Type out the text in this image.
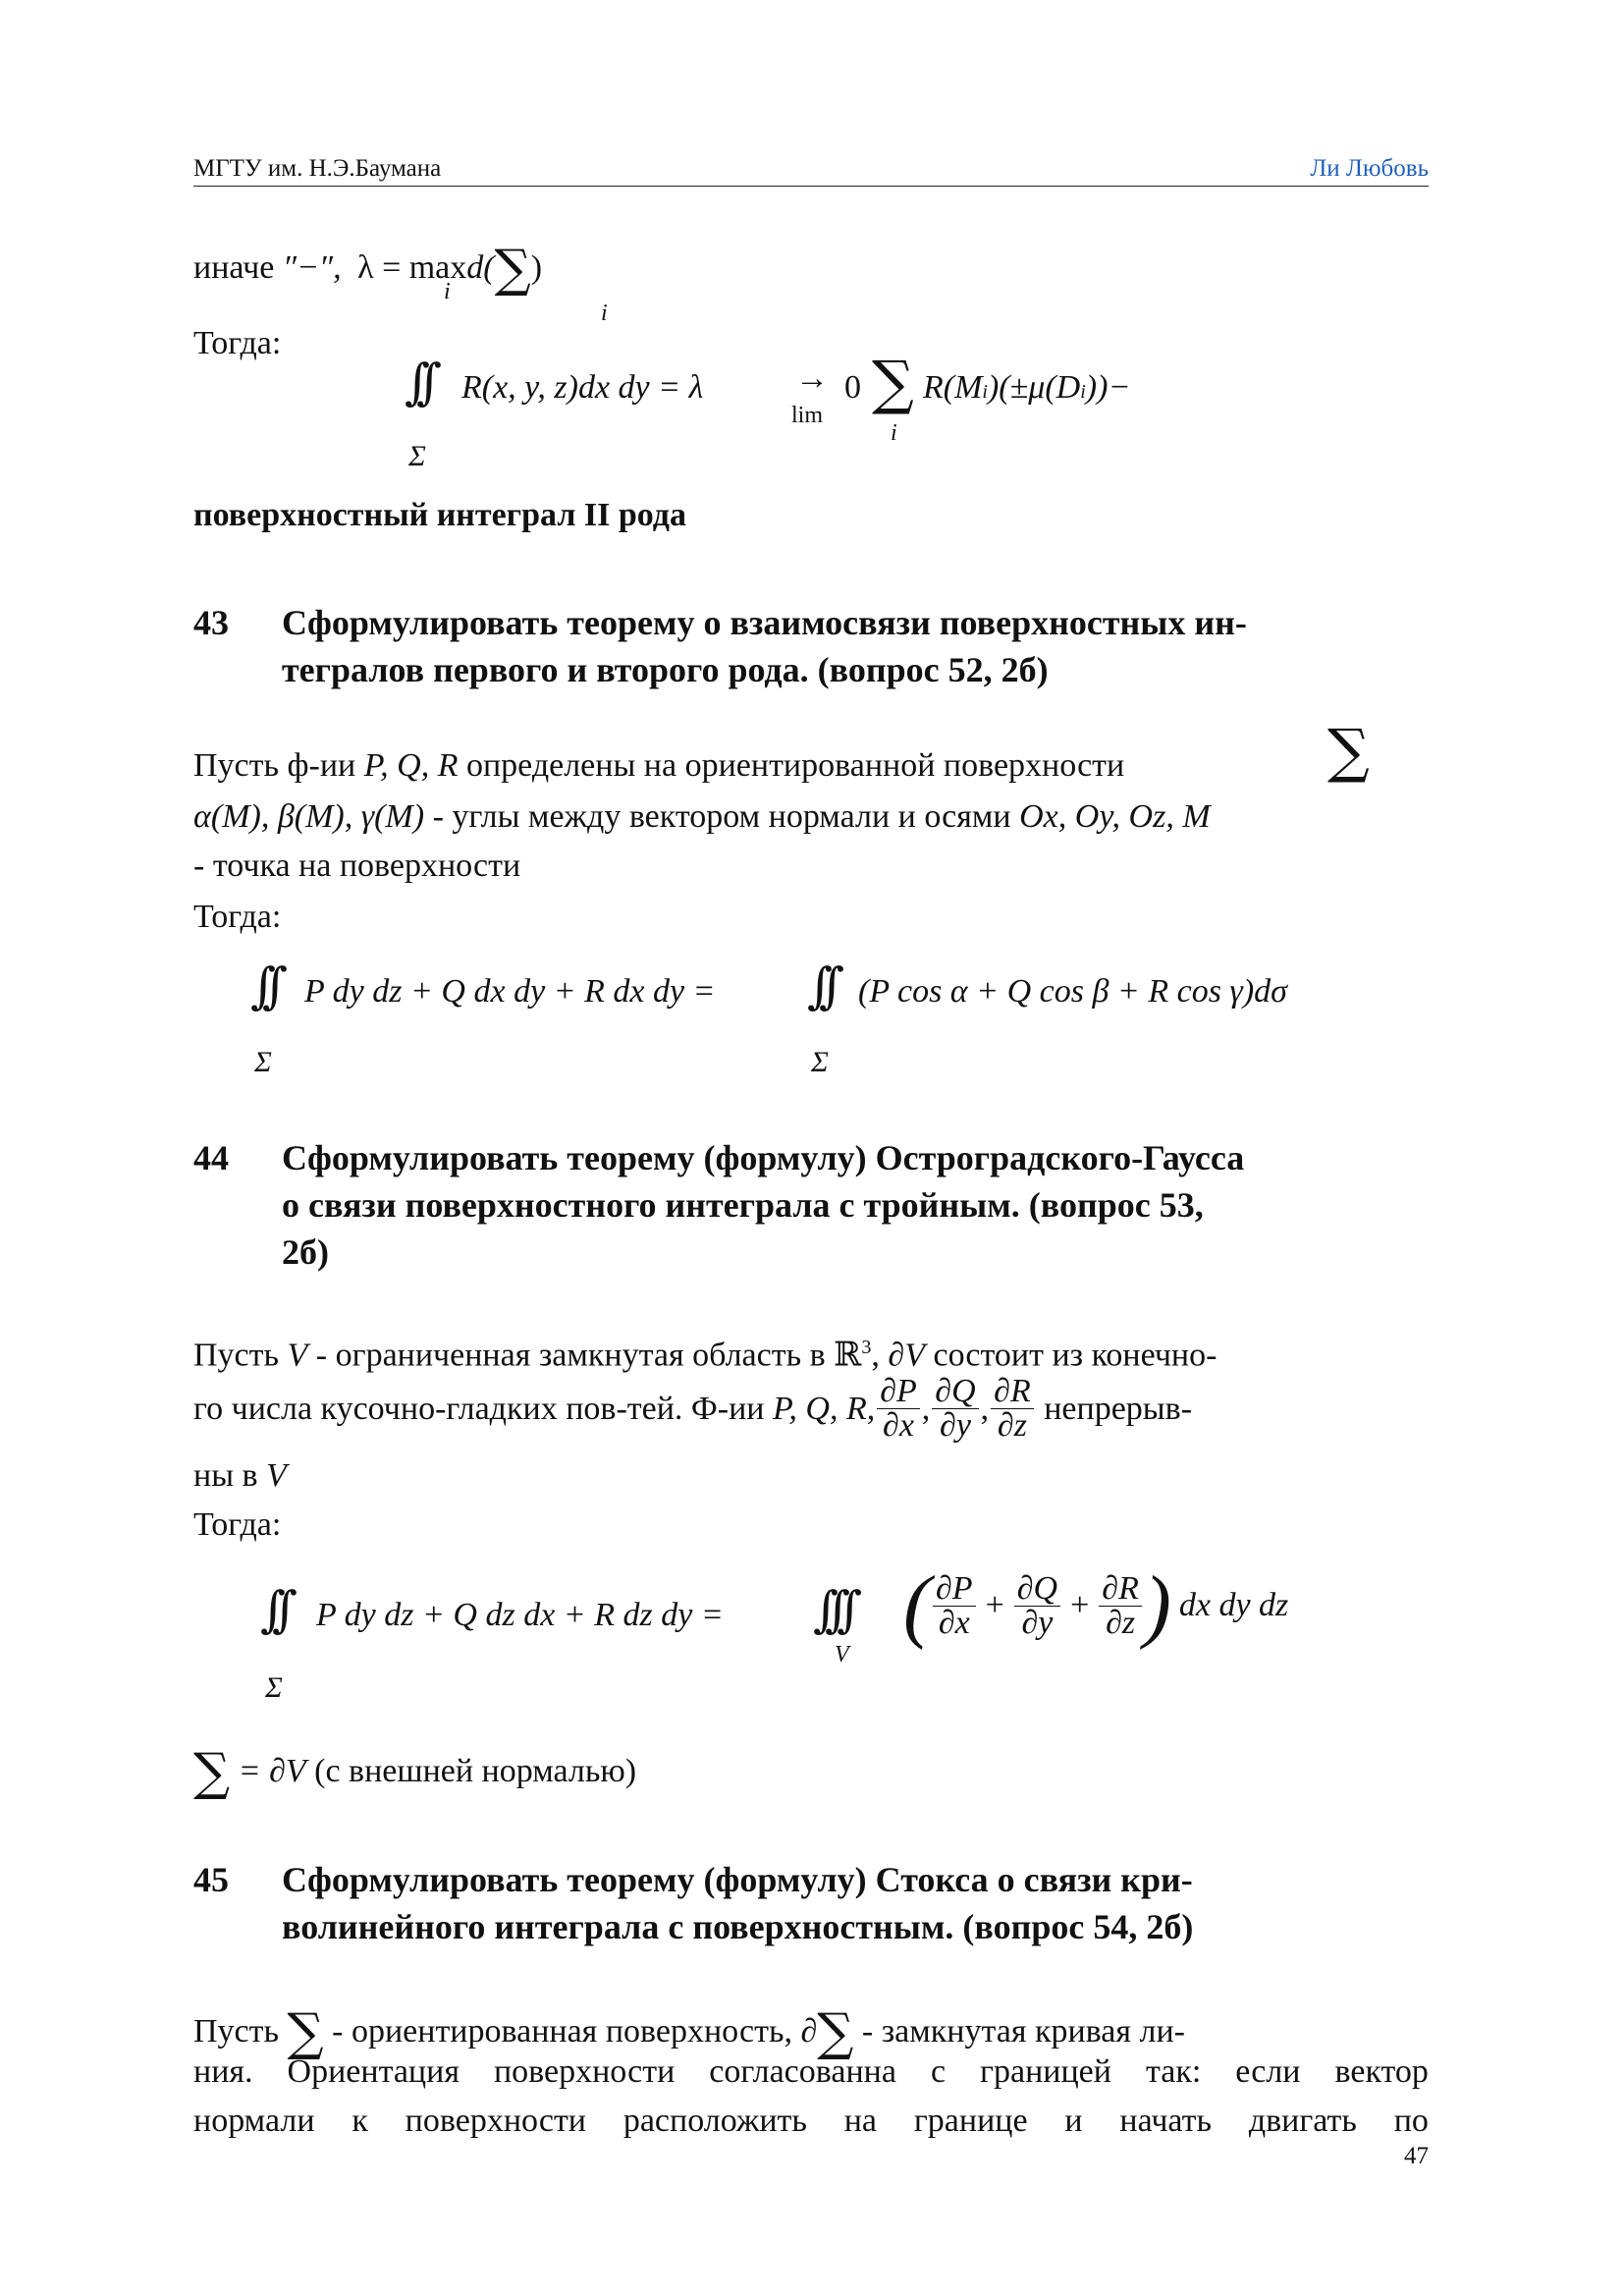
МГТУ им. Н.Э.Баумана	Ли Любовь
иначе ″−″, λ = maxd(∑)
i
i
Тогда:
∫∫ R(x, y, z)dx dy = λ	→
lim
0 ∑
i
R(Mi)(±μ(Di))−
Σ
поверхностный интеграл II рода
43 Сформулировать теорему о взаимосвязи поверхностных ин-
тегралов первого и второго рода. (вопрос 52, 2б)
Пусть ф-ии P, Q, R определены на ориентированной поверхности	∑
α(M), β(M), γ(M) - углы между вектором нормали и осями Ox, Oy, Oz, M
- точка на поверхности
Тогда:
∫∫ P dy dz + Q dx dy + R dx dy = ∫∫ (P cos α + Q cos β + R cos γ)dσ
Σ	Σ
44 Сформулировать теорему (формулу) Остроградского-Гаусса
о связи поверхностного интеграла с тройным. (вопрос 53,
2б)
Пусть V - ограниченная замкнутая область в ℝ$^3$, ∂V состоит из конечно-
го числа кусочно-гладких пов-тей. Ф-ии
P, Q, R, $\frac{\partial P}{\partial x}$ , $\frac{\partial Q}{\partial y}$ , $\frac{\partial R}{\partial z}$
непрерыв-
ны в V
Тогда:
∫∫ P dy dz + Q dz dx + R dz dy = ∫∫∫
V
( $\frac{\partial P}{\partial x} + \frac{\partial Q}{\partial y} + \frac{\partial R}{\partial z}$ ) dx dy dz
Σ
∑ = ∂V (с внешней нормалью)
45 Сформулировать теорему (формулу) Стокса о связи кри-
волинейного интеграла с поверхностным. (вопрос 54, 2б)
Пусть ∑ - ориентированная поверхность, ∂∑ - замкнутая кривая ли-
ния. Ориентация поверхности согласованна с границей так: если вектор
нормали к поверхности расположить на границе и начать двигать по
47
